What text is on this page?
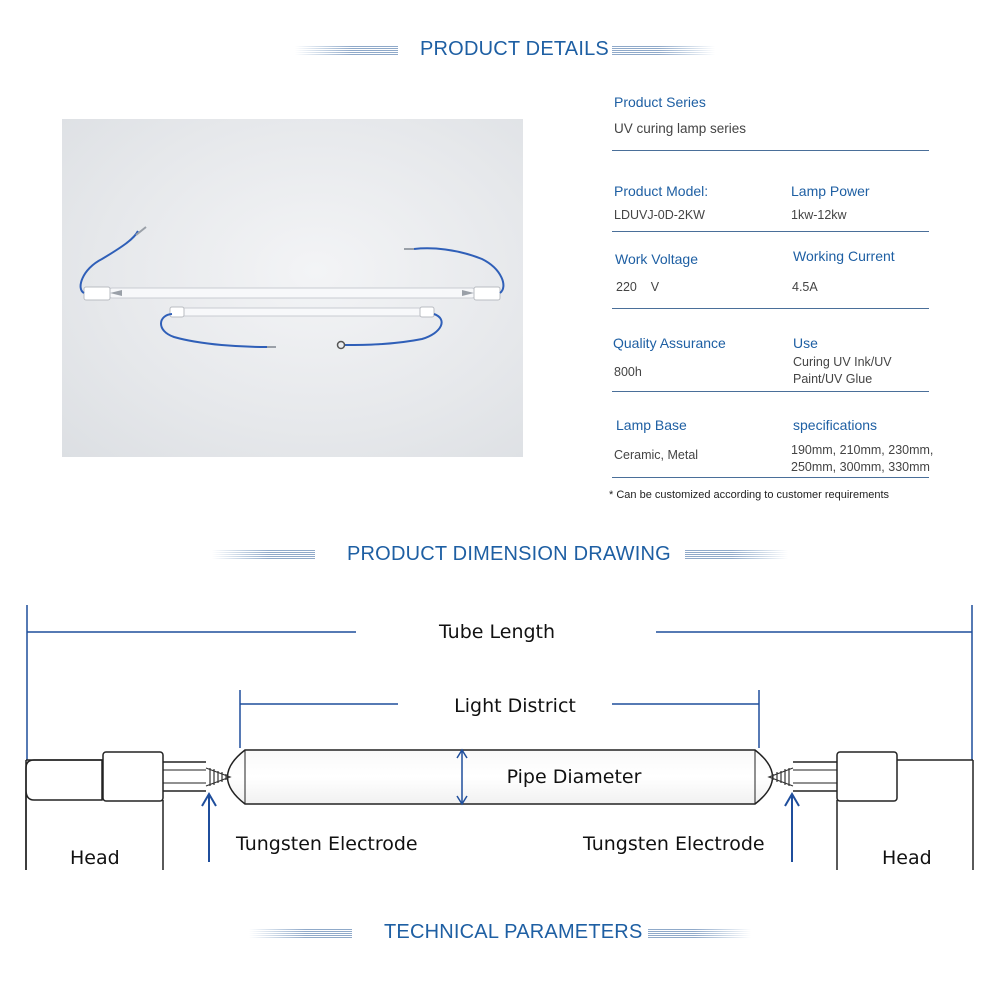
PRODUCT DETAILS
Product Series
UV curing lamp series
Product Model:
LDUVJ-0D-2KW
Lamp Power
1kw-12kw
Work Voltage
220    V
Working Current
4.5A
Quality Assurance
800h
Use
Curing UV Ink/UV
Paint/UV Glue
Lamp Base
Ceramic, Metal
specifications
190mm, 210mm, 230mm,
250mm, 300mm, 330mm
* Can be customized according to customer requirements
PRODUCT DIMENSION DRAWING
Tube Length
Light District
Pipe Diameter
Tungsten Electrode	Tungsten Electrode
Head	Head
TECHNICAL PARAMETERS
